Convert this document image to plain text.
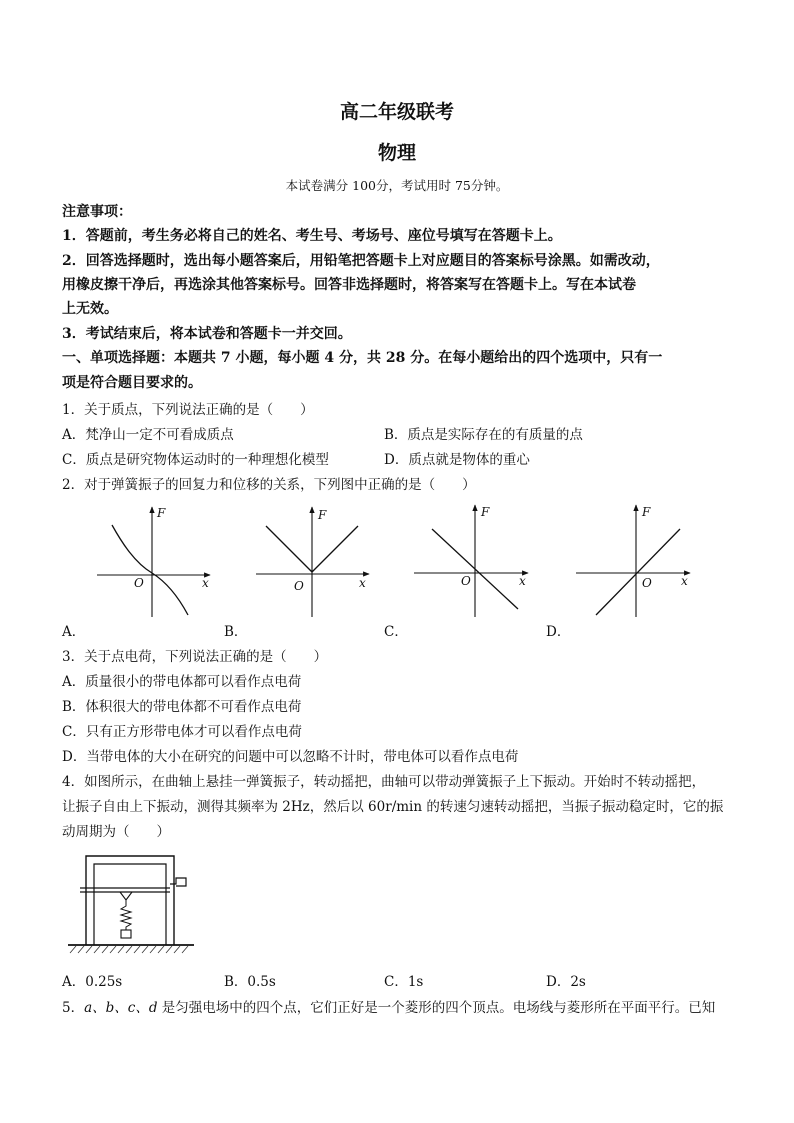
高二年级联考
物理
本试卷满分 100分，考试用时 75分钟。
注意事项：
1．答题前，考生务必将自己的姓名、考生号、考场号、座位号填写在答题卡上。
2．回答选择题时，选出每小题答案后，用铅笔把答题卡上对应题目的答案标号涂黑。如需改动，
用橡皮擦干净后，再选涂其他答案标号。回答非选择题时，将答案写在答题卡上。写在本试卷
上无效。
3．考试结束后，将本试卷和答题卡一并交回。
一、单项选择题：本题共 7 小题，每小题 4 分，共 28 分。在每小题给出的四个选项中，只有一
项是符合题目要求的。
1．关于质点，下列说法正确的是（　　）
A．梵净山一定不可看成质点	B．质点是实际存在的有质量的点
C．质点是研究物体运动时的一种理想化模型	D．质点就是物体的重心
2．对于弹簧振子的回复力和位移的关系，下列图中正确的是（　　）
F
x
O
F
x
O
F
x
O
F
x
O
A．	B．	C．	D．
3．关于点电荷，下列说法正确的是（　　）
A．质量很小的带电体都可以看作点电荷
B．体积很大的带电体都不可看作点电荷
C．只有正方形带电体才可以看作点电荷
D．当带电体的大小在研究的问题中可以忽略不计时，带电体可以看作点电荷
4．如图所示，在曲轴上悬挂一弹簧振子，转动摇把，曲轴可以带动弹簧振子上下振动。开始时不转动摇把，
让振子自由上下振动，测得其频率为 2Hz，然后以 60r/min 的转速匀速转动摇把，当振子振动稳定时，它的振
动周期为（　　）
A．0.25s	B．0.5s	C．1s	D．2s
5．a、b、c、d 是匀强电场中的四个点，它们正好是一个菱形的四个顶点。电场线与菱形所在平面平行。已知
